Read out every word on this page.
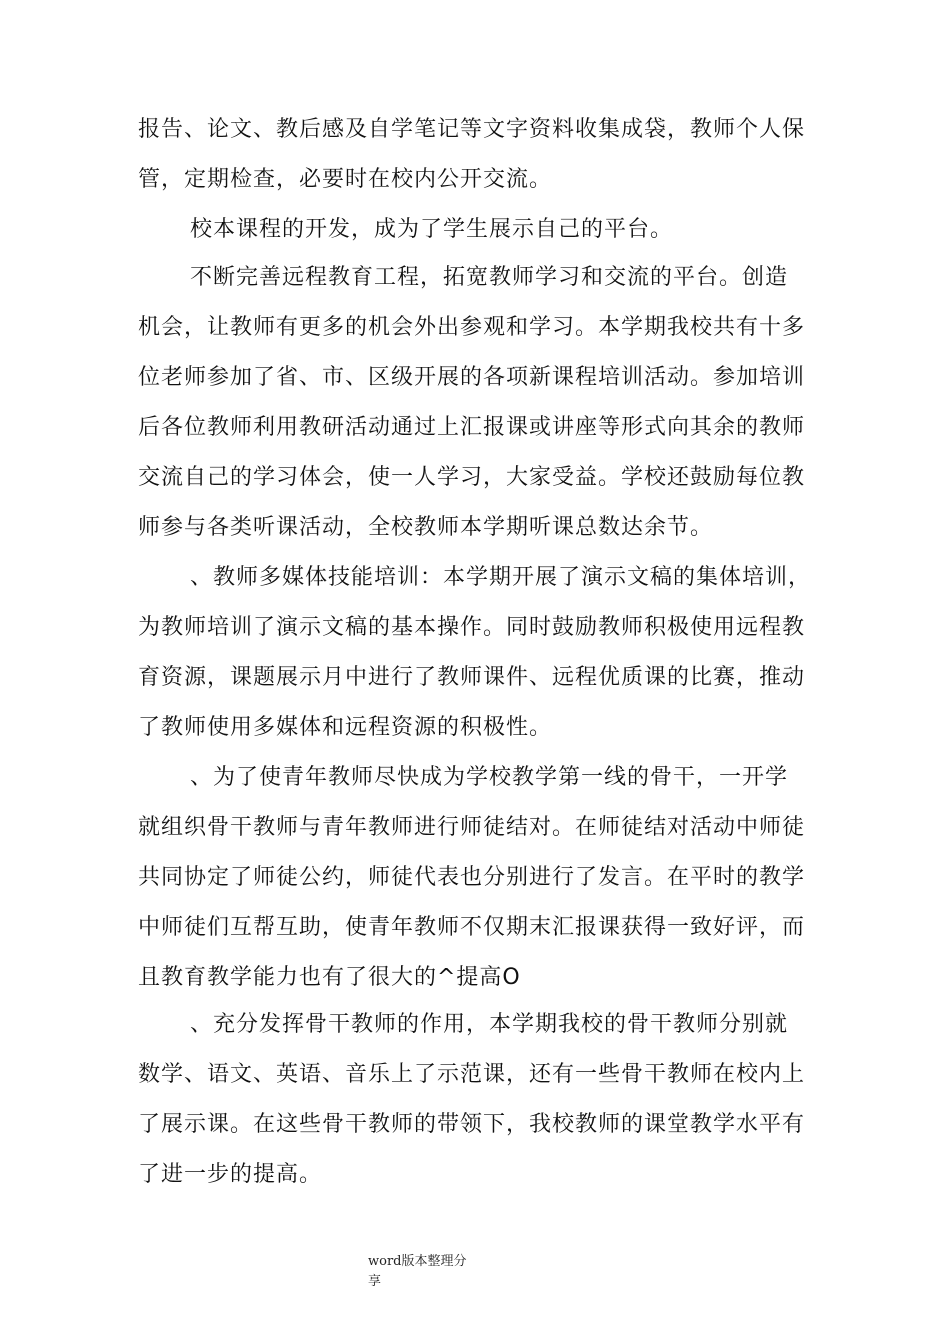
报告、论文、教后感及自学笔记等文字资料收集成袋，教师个人保
管，定期检查，必要时在校内公开交流。

校本课程的开发，成为了学生展示自己的平台。

不断完善远程教育工程，拓宽教师学习和交流的平台。创造
机会，让教师有更多的机会外出参观和学习。本学期我校共有十多
位老师参加了省、市、区级开展的各项新课程培训活动。参加培训
后各位教师利用教研活动通过上汇报课或讲座等形式向其余的教师
交流自己的学习体会，使一人学习，大家受益。学校还鼓励每位教
师参与各类听课活动，全校教师本学期听课总数达余节。

、教师多媒体技能培训：本学期开展了演示文稿的集体培训，
为教师培训了演示文稿的基本操作。同时鼓励教师积极使用远程教
育资源，课题展示月中进行了教师课件、远程优质课的比赛，推动
了教师使用多媒体和远程资源的积极性。

、为了使青年教师尽快成为学校教学第一线的骨干，一开学
就组织骨干教师与青年教师进行师徒结对。在师徒结对活动中师徒
共同协定了师徒公约，师徒代表也分别进行了发言。在平时的教学
中师徒们互帮互助，使青年教师不仅期末汇报课获得一致好评，而
且教育教学能力也有了很大的^提高O

、充分发挥骨干教师的作用，本学期我校的骨干教师分别就
数学、语文、英语、音乐上了示范课，还有一些骨干教师在校内上
了展示课。在这些骨干教师的带领下，我校教师的课堂教学水平有
了进一步的提高。

word版本整理分
享
